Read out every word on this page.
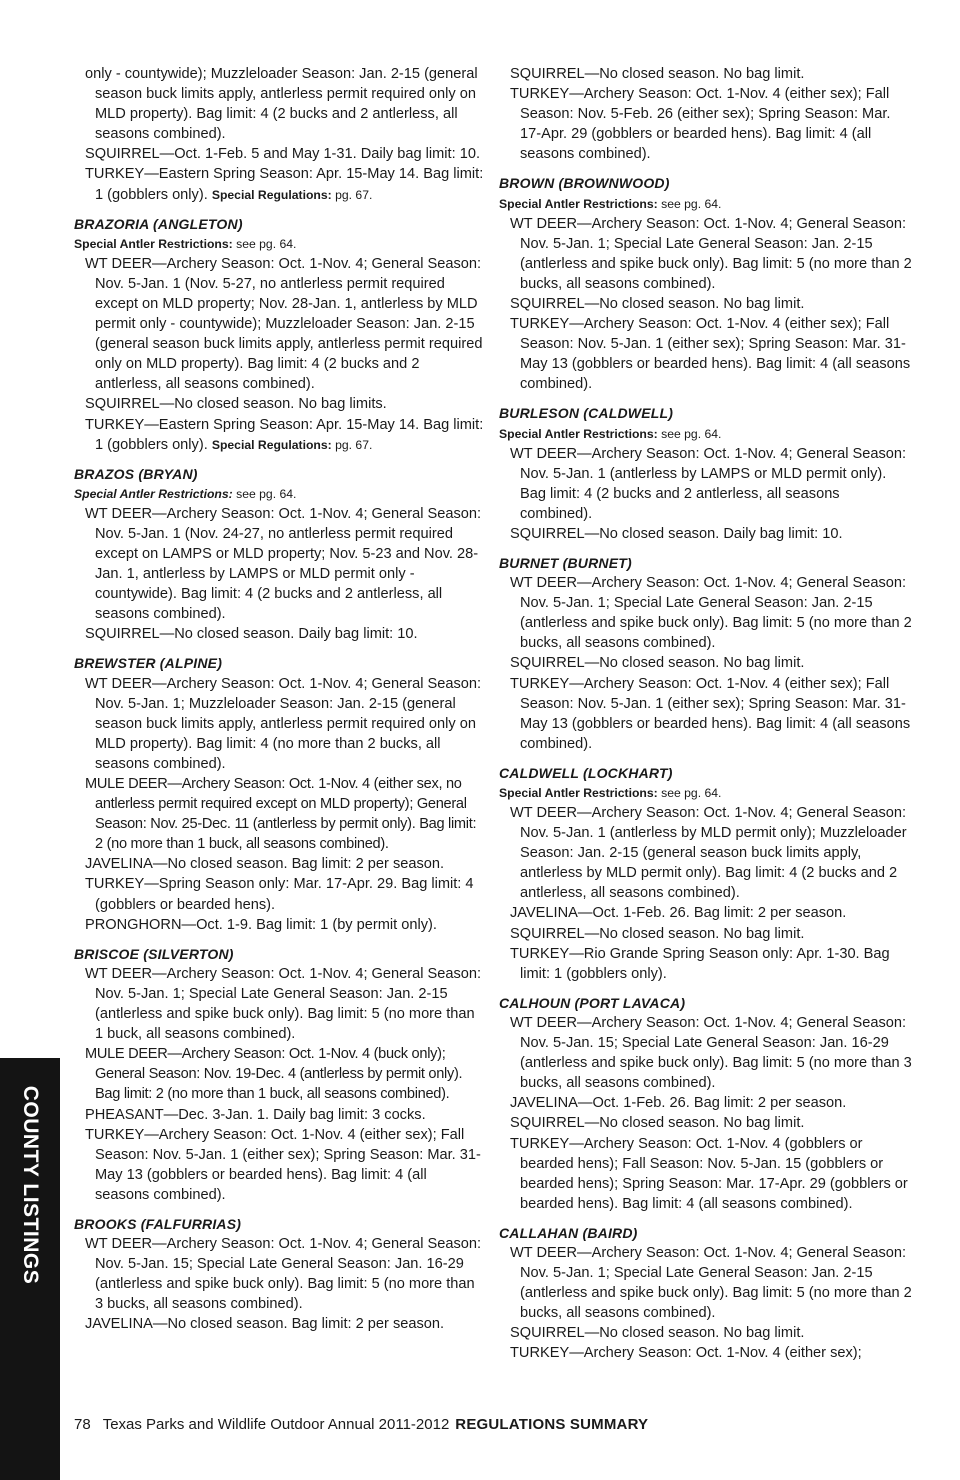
COUNTY LISTINGS
only - countywide); Muzzleloader Season: Jan. 2-15 (general season buck limits apply, antlerless permit required only on MLD property). Bag limit: 4 (2 bucks and 2 antlerless, all seasons combined).
SQUIRREL—Oct. 1-Feb. 5 and May 1-31. Daily bag limit: 10.
TURKEY—Eastern Spring Season: Apr. 15-May 14. Bag limit: 1 (gobblers only). Special Regulations: pg. 67.
BRAZORIA (ANGLETON)
Special Antler Restrictions: see pg. 64.
WT DEER—Archery Season: Oct. 1-Nov. 4; General Season: Nov. 5-Jan. 1 (Nov. 5-27, no antlerless permit required except on MLD property; Nov. 28-Jan. 1, antlerless by MLD permit only - countywide); Muzzleloader Season: Jan. 2-15 (general season buck limits apply, antlerless permit required only on MLD property). Bag limit: 4 (2 bucks and 2 antlerless, all seasons combined).
SQUIRREL—No closed season. No bag limits.
TURKEY—Eastern Spring Season: Apr. 15-May 14. Bag limit: 1 (gobblers only). Special Regulations: pg. 67.
BRAZOS (BRYAN)
Special Antler Restrictions: see pg. 64.
WT DEER—Archery Season: Oct. 1-Nov. 4; General Season: Nov. 5-Jan. 1 (Nov. 24-27, no antlerless permit required except on LAMPS or MLD property; Nov. 5-23 and Nov. 28-Jan. 1, antlerless by LAMPS or MLD permit only - countywide). Bag limit: 4 (2 bucks and 2 antlerless, all seasons combined).
SQUIRREL—No closed season. Daily bag limit: 10.
BREWSTER (ALPINE)
WT DEER—Archery Season: Oct. 1-Nov. 4; General Season: Nov. 5-Jan. 1; Muzzleloader Season: Jan. 2-15 (general season buck limits apply, antlerless permit required only on MLD property). Bag limit: 4 (no more than 2 bucks, all seasons combined).
MULE DEER—Archery Season: Oct. 1-Nov. 4 (either sex, no antlerless permit required except on MLD property); General Season: Nov. 25-Dec. 11 (antlerless by permit only). Bag limit: 2 (no more than 1 buck, all seasons combined).
JAVELINA—No closed season. Bag limit: 2 per season.
TURKEY—Spring Season only: Mar. 17-Apr. 29. Bag limit: 4 (gobblers or bearded hens).
PRONGHORN—Oct. 1-9. Bag limit: 1 (by permit only).
BRISCOE (SILVERTON)
WT DEER—Archery Season: Oct. 1-Nov. 4; General Season: Nov. 5-Jan. 1; Special Late General Season: Jan. 2-15 (antlerless and spike buck only). Bag limit: 5 (no more than 1 buck, all seasons combined).
MULE DEER—Archery Season: Oct. 1-Nov. 4 (buck only); General Season: Nov. 19-Dec. 4 (antlerless by permit only). Bag limit: 2 (no more than 1 buck, all seasons combined).
PHEASANT—Dec. 3-Jan. 1. Daily bag limit: 3 cocks.
TURKEY—Archery Season: Oct. 1-Nov. 4 (either sex); Fall Season: Nov. 5-Jan. 1 (either sex); Spring Season: Mar. 31-May 13 (gobblers or bearded hens). Bag limit: 4 (all seasons combined).
BROOKS (FALFURRIAS)
WT DEER—Archery Season: Oct. 1-Nov. 4; General Season: Nov. 5-Jan. 15; Special Late General Season: Jan. 16-29 (antlerless and spike buck only). Bag limit: 5 (no more than 3 bucks, all seasons combined).
JAVELINA—No closed season. Bag limit: 2 per season.
SQUIRREL—No closed season. No bag limit.
TURKEY—Archery Season: Oct. 1-Nov. 4 (either sex); Fall Season: Nov. 5-Feb. 26 (either sex); Spring Season: Mar. 17-Apr. 29 (gobblers or bearded hens). Bag limit: 4 (all seasons combined).
BROWN (BROWNWOOD)
Special Antler Restrictions: see pg. 64.
WT DEER—Archery Season: Oct. 1-Nov. 4; General Season: Nov. 5-Jan. 1; Special Late General Season: Jan. 2-15 (antlerless and spike buck only). Bag limit: 5 (no more than 2 bucks, all seasons combined).
SQUIRREL—No closed season. No bag limit.
TURKEY—Archery Season: Oct. 1-Nov. 4 (either sex); Fall Season: Nov. 5-Jan. 1 (either sex); Spring Season: Mar. 31-May 13 (gobblers or bearded hens). Bag limit: 4 (all seasons combined).
BURLESON (CALDWELL)
Special Antler Restrictions: see pg. 64.
WT DEER—Archery Season: Oct. 1-Nov. 4; General Season: Nov. 5-Jan. 1 (antlerless by LAMPS or MLD permit only). Bag limit: 4 (2 bucks and 2 antlerless, all seasons combined).
SQUIRREL—No closed season. Daily bag limit: 10.
BURNET (BURNET)
WT DEER—Archery Season: Oct. 1-Nov. 4; General Season: Nov. 5-Jan. 1; Special Late General Season: Jan. 2-15 (antlerless and spike buck only). Bag limit: 5 (no more than 2 bucks, all seasons combined).
SQUIRREL—No closed season. No bag limit.
TURKEY—Archery Season: Oct. 1-Nov. 4 (either sex); Fall Season: Nov. 5-Jan. 1 (either sex); Spring Season: Mar. 31-May 13 (gobblers or bearded hens). Bag limit: 4 (all seasons combined).
CALDWELL (LOCKHART)
Special Antler Restrictions: see pg. 64.
WT DEER—Archery Season: Oct. 1-Nov. 4; General Season: Nov. 5-Jan. 1 (antlerless by MLD permit only); Muzzleloader Season: Jan. 2-15 (general season buck limits apply, antlerless by MLD permit only). Bag limit: 4 (2 bucks and 2 antlerless, all seasons combined).
JAVELINA—Oct. 1-Feb. 26. Bag limit: 2 per season.
SQUIRREL—No closed season. No bag limit.
TURKEY—Rio Grande Spring Season only: Apr. 1-30. Bag limit: 1 (gobblers only).
CALHOUN (PORT LAVACA)
WT DEER—Archery Season: Oct. 1-Nov. 4; General Season: Nov. 5-Jan. 15; Special Late General Season: Jan. 16-29 (antlerless and spike buck only). Bag limit: 5 (no more than 3 bucks, all seasons combined).
JAVELINA—Oct. 1-Feb. 26. Bag limit: 2 per season.
SQUIRREL—No closed season. No bag limit.
TURKEY—Archery Season: Oct. 1-Nov. 4 (gobblers or bearded hens); Fall Season: Nov. 5-Jan. 15 (gobblers or bearded hens); Spring Season: Mar. 17-Apr. 29 (gobblers or bearded hens). Bag limit: 4 (all seasons combined).
CALLAHAN (BAIRD)
WT DEER—Archery Season: Oct. 1-Nov. 4; General Season: Nov. 5-Jan. 1; Special Late General Season: Jan. 2-15 (antlerless and spike buck only). Bag limit: 5 (no more than 2 bucks, all seasons combined).
SQUIRREL—No closed season. No bag limit.
TURKEY—Archery Season: Oct. 1-Nov. 4 (either sex);
78 Texas Parks and Wildlife Outdoor Annual 2011-2012 REGULATIONS SUMMARY
